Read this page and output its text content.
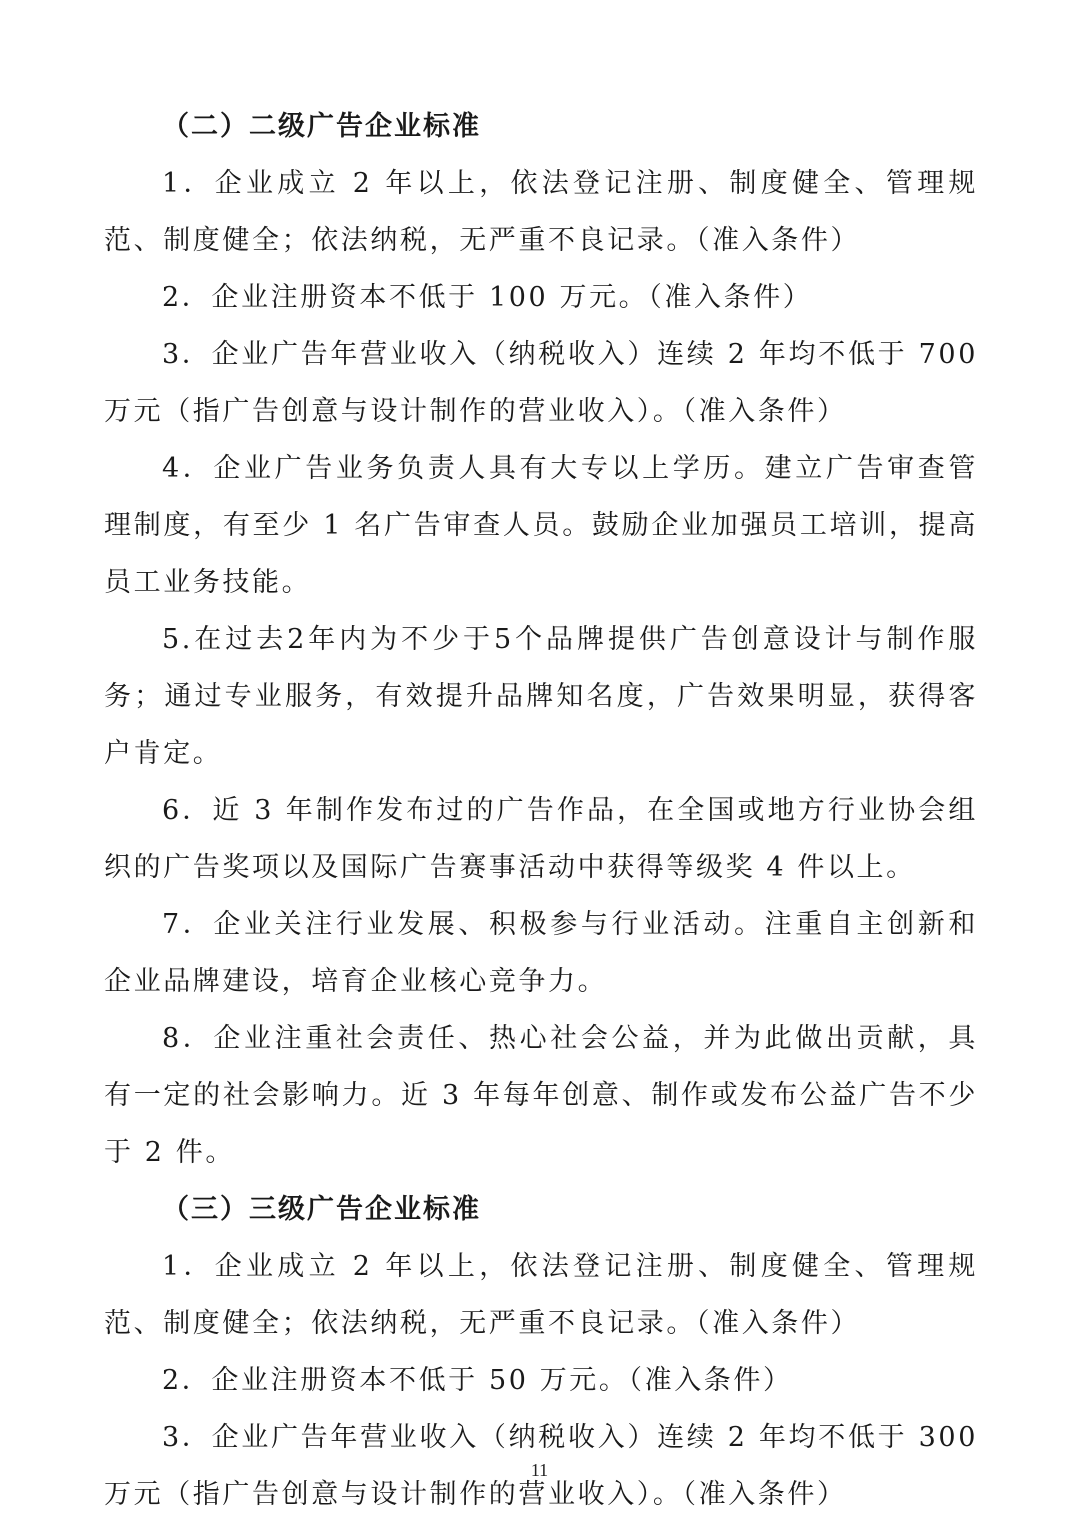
（二）二级广告企业标准

1．企业成立 2 年以上，依法登记注册、制度健全、管理规范、制度健全；依法纳税，无严重不良记录。（准入条件）

2．企业注册资本不低于 100 万元。（准入条件）

3．企业广告年营业收入（纳税收入）连续 2 年均不低于 700 万元（指广告创意与设计制作的营业收入）。（准入条件）

4．企业广告业务负责人具有大专以上学历。建立广告审查管理制度，有至少 1 名广告审查人员。鼓励企业加强员工培训，提高员工业务技能。

5.在过去2年内为不少于5个品牌提供广告创意设计与制作服务；通过专业服务，有效提升品牌知名度，广告效果明显，获得客户肯定。

6．近 3 年制作发布过的广告作品，在全国或地方行业协会组织的广告奖项以及国际广告赛事活动中获得等级奖 4 件以上。

7．企业关注行业发展、积极参与行业活动。注重自主创新和企业品牌建设，培育企业核心竞争力。

8．企业注重社会责任、热心社会公益，并为此做出贡献，具有一定的社会影响力。近 3 年每年创意、制作或发布公益广告不少于 2 件。

（三）三级广告企业标准

1．企业成立 2 年以上，依法登记注册、制度健全、管理规范、制度健全；依法纳税，无严重不良记录。（准入条件）

2．企业注册资本不低于 50 万元。（准入条件）

3．企业广告年营业收入（纳税收入）连续 2 年均不低于 300 万元（指广告创意与设计制作的营业收入）。（准入条件）

11
